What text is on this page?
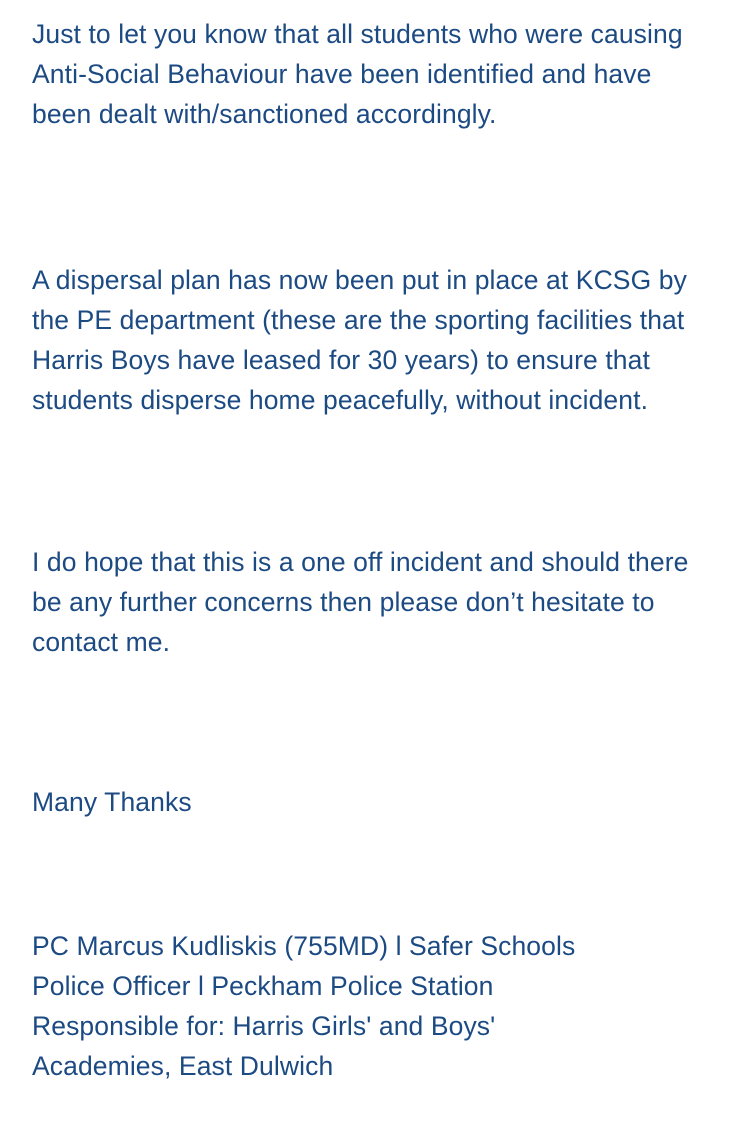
Just to let you know that all students who were causing Anti-Social Behaviour have been identified and have been dealt with/sanctioned accordingly.

A dispersal plan has now been put in place at KCSG by the PE department (these are the sporting facilities that Harris Boys have leased for 30 years) to ensure that students disperse home peacefully, without incident.

I do hope that this is a one off incident and should there be any further concerns then please don’t hesitate to contact me.

Many Thanks

PC Marcus Kudliskis (755MD) l Safer Schools

Police Officer l Peckham Police Station

Responsible for: Harris Girls' and Boys'

Academies, East Dulwich
